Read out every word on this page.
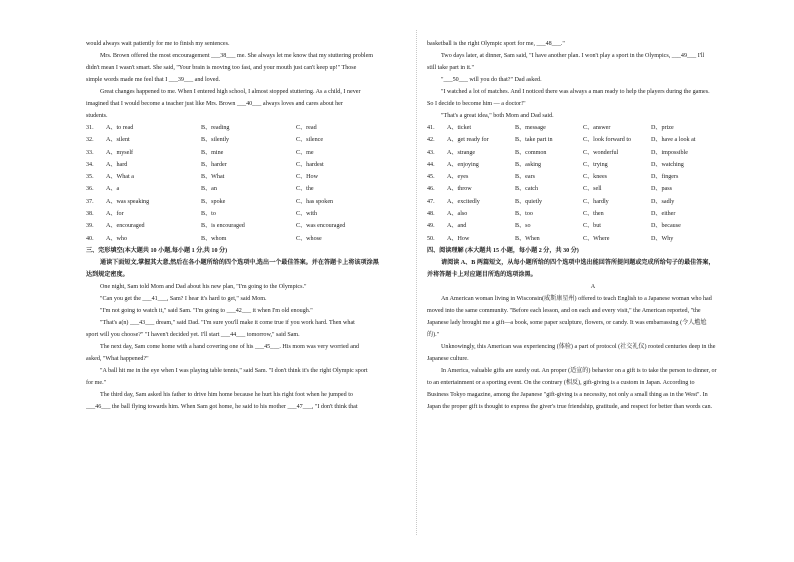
would always wait patiently for me to finish my sentences.
Mrs. Brown offered the most encouragement ___38___ me. She always let me know that my stuttering problem
didn't mean I wasn't smart. She said, "Your brain is moving too fast, and your mouth just can't keep up!" Those
simple words made me feel that I ___39___ and loved.
Great changes happened to me. When I entered high school, I almost stopped stuttering. As a child, I never
imagined that I would become a teacher just like Mrs. Brown ___40___ always loves and cares about her
students.
31.	A、to read	B、reading	C、read
32.	A、silent	B、silently	C、silence
33.	A、myself	B、mine	C、me
34.	A、hard	B、harder	C、hardest
35.	A、What a	B、What	C、How
36.	A、a	B、an	C、the
37.	A、was speaking	B、spoke	C、has spoken
38.	A、for	B、to	C、with
39.	A、encouraged	B、is encouraged	C、was encouraged
40.	A、who	B、whom	C、whose
三、完形填空(本大题共 10 小题,每小题 1 分,共 10 分)
通读下面短文,掌握其大意,然后在各小题所给的四个选项中,选出一个最佳答案。并在答题卡上将该项涂黑
达到规定密度。
One night, Sam told Mom and Dad about his new plan, "I'm going to the Olympics."
"Can you get the ___41___, Sam? I hear it's hard to get," said Mom.
"I'm not going to watch it," said Sam. "I'm going to ___42___ it when I'm old enough."
"That's a(n) ___43___ dream," said Dad. "I'm sure you'll make it come true if you work hard. Then what
sport will you choose?" "I haven't decided yet. I'll start ___44___ tomorrow," said Sam.
The next day, Sam come home with a hand covering one of his ___45___. His mom was very worried and
asked, "What happened?"
"A ball hit me in the eye when I was playing table tennis," said Sam. "I don't think it's the right Olympic sport
for me."
The third day, Sam asked his father to drive him home because he hurt his right foot when he jumped to
___46___ the ball flying towards him. When Sam got home, he said to his mother ___47___, "I don't think that
basketball is the right Olympic sport for me, ___48___."
Two days later, at dinner, Sam said, "I have another plan. I won't play a sport in the Olympics, ___49___ I'll
still take part in it."
"___50___ will you do that?" Dad asked.
"I watched a lot of matches. And I noticed there was always a man ready to help the players during the games.
So I decide to become him — a doctor!"
"That's a great idea," both Mom and Dad said.
41.	A、ticket	B、message	C、answer	D、prize
42.	A、get ready for	B、take part in	C、look forward to	D、have a look at
43.	A、strange	B、common	C、wonderful	D、impossible
44.	A、enjoying	B、asking	C、trying	D、watching
45.	A、eyes	B、ears	C、knees	D、fingers
46.	A、throw	B、catch	C、sell	D、pass
47.	A、excitedly	B、quietly	C、hardly	D、sadly
48.	A、also	B、too	C、then	D、either
49.	A、and	B、so	C、but	D、because
50.	A、How	B、When	C、Where	D、Why
四、阅读理解 (本大题共 15 小题，每小题 2 分，共 30 分)
请阅读 A、B 两篇短文，从每小题所给的四个选项中选出能回答所提问题或完成所给句子的最佳答案，
并将答题卡上对应题目所选的选项涂黑。
A
An American woman living in Wisconsin(威斯康星州) offered to teach English to a Japanese woman who had
moved into the same community. "Before each lesson, and on each and every visit," the American reported, "the
Japanese lady brought me a gift—a book, some paper sculpture, flowers, or candy. It was embarrassing (令人尴尬
的)."
Unknowingly, this American was experiencing (体验) a part of protocol (社交礼仪) rooted centuries deep in the
Japanese culture.
In America, valuable gifts are surely out. An proper (适宣的) behavior on a gift is to take the person to dinner, or
to an entertainment or a sporting event. On the contrary (相反), gift-giving is a custom in Japan. According to
Business Tokyo magazine, among the Japanese "gift-giving is a necessity, not only a small thing as in the West". In
Japan the proper gift is thought to express the giver's true friendship, gratitude, and respect for better than words can.
